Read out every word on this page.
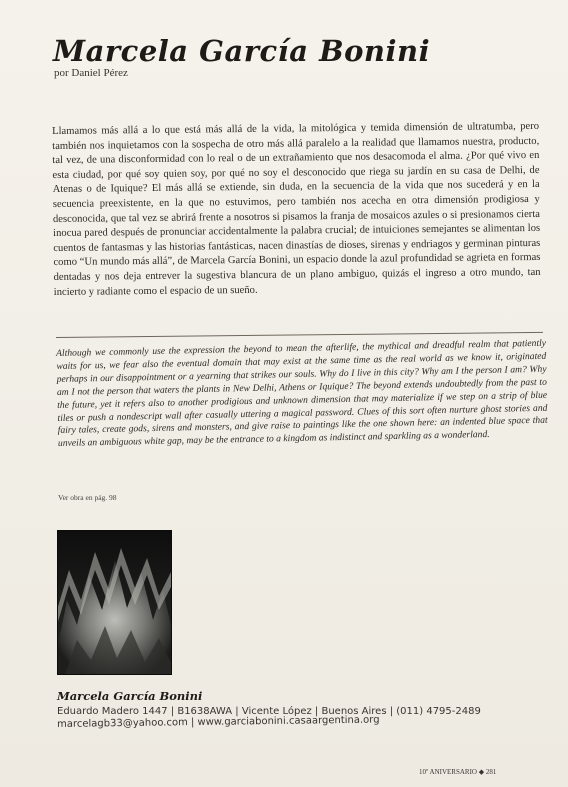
Marcela García Bonini
por Daniel Pérez
Llamamos más allá a lo que está más allá de la vida, la mitológica y temida dimensión de ultratumba, pero también nos inquietamos con la sospecha de otro más allá paralelo a la realidad que llamamos nuestra, producto, tal vez, de una disconformidad con lo real o de un extrañamiento que nos desacomoda el alma. ¿Por qué vivo en esta ciudad, por qué soy quien soy, por qué no soy el desconocido que riega su jardín en su casa de Delhi, de Atenas o de Iquique? El más allá se extiende, sin duda, en la secuencia de la vida que nos sucederá y en la secuencia preexistente, en la que no estuvimos, pero también nos acecha en otra dimensión prodigiosa y desconocida, que tal vez se abrirá frente a nosotros si pisamos la franja de mosaicos azules o si presionamos cierta inocua pared después de pronunciar accidentalmente la palabra crucial; de intuiciones semejantes se alimentan los cuentos de fantasmas y las historias fantásticas, nacen dinastías de dioses, sirenas y endriagos y germinan pinturas como “Un mundo más allá”, de Marcela García Bonini, un espacio donde la azul profundidad se agrieta en formas dentadas y nos deja entrever la sugestiva blancura de un plano ambiguo, quizás el ingreso a otro mundo, tan incierto y radiante como el espacio de un sueño.
Although we commonly use the expression the beyond to mean the afterlife, the mythical and dreadful realm that patiently waits for us, we fear also the eventual domain that may exist at the same time as the real world as we know it, originated perhaps in our disappointment or a yearning that strikes our souls. Why do I live in this city? Why am I the person I am? Why am I not the person that waters the plants in New Delhi, Athens or Iquique? The beyond extends undoubtedly from the past to the future, yet it refers also to another prodigious and unknown dimension that may materialize if we step on a strip of blue tiles or push a nondescript wall after casually uttering a magical password. Clues of this sort often nurture ghost stories and fairy tales, create gods, sirens and monsters, and give raise to paintings like the one shown here: an indented blue space that unveils an ambiguous white gap, may be the entrance to a kingdom as indistinct and sparkling as a wonderland.
Ver obra en pág. 98
Marcela García Bonini
Eduardo Madero 1447 | B1638AWA | Vicente López | Buenos Aires | (011) 4795-2489
marcelagb33@yahoo.com | www.garciabonini.casaargentina.org
10º ANIVERSARIO ◆ 281
